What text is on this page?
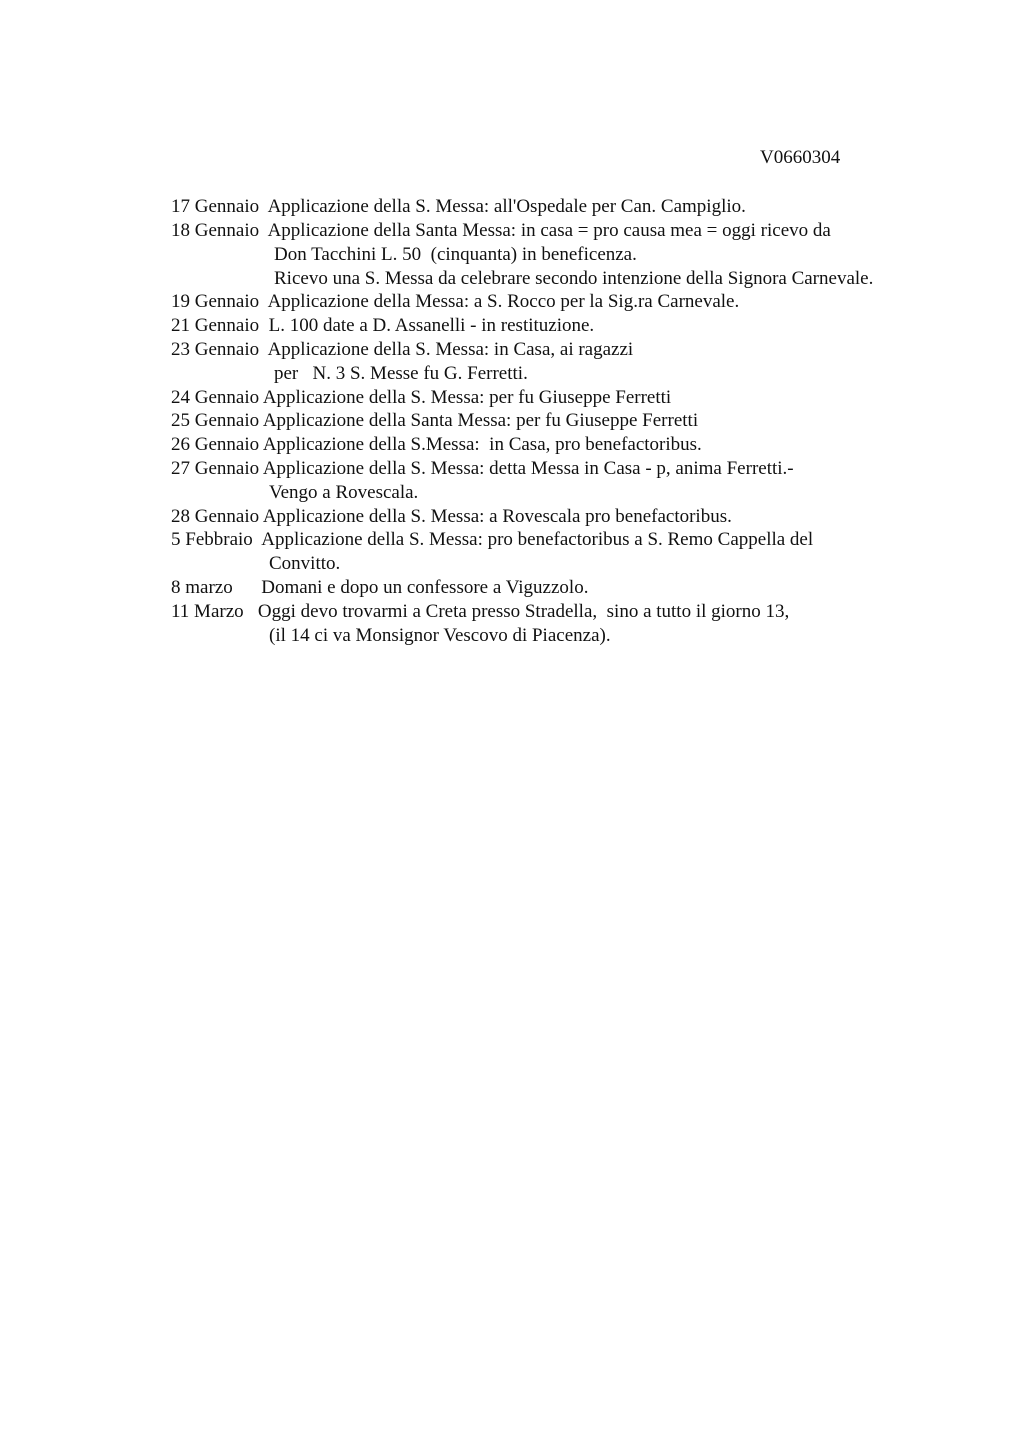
V0660304
17 Gennaio  Applicazione della S. Messa: all'Ospedale per Can. Campiglio.
18 Gennaio  Applicazione della Santa Messa: in casa = pro causa mea = oggi ricevo da
Don Tacchini L. 50  (cinquanta) in beneficenza.
Ricevo una S. Messa da celebrare secondo intenzione della Signora Carnevale.
19 Gennaio  Applicazione della Messa: a S. Rocco per la Sig.ra Carnevale.
21 Gennaio  L. 100 date a D. Assanelli - in restituzione.
23 Gennaio  Applicazione della S. Messa: in Casa, ai ragazzi
per   N. 3 S. Messe fu G. Ferretti.
24 Gennaio Applicazione della S. Messa: per fu Giuseppe Ferretti
25 Gennaio Applicazione della Santa Messa: per fu Giuseppe Ferretti
26 Gennaio Applicazione della S.Messa:  in Casa, pro benefactoribus.
27 Gennaio Applicazione della S. Messa: detta Messa in Casa - p, anima Ferretti.-
Vengo a Rovescala.
28 Gennaio Applicazione della S. Messa: a Rovescala pro benefactoribus.
5 Febbraio  Applicazione della S. Messa: pro benefactoribus a S. Remo Cappella del
Convitto.
8 marzo      Domani e dopo un confessore a Viguzzolo.
11 Marzo   Oggi devo trovarmi a Creta presso Stradella,  sino a tutto il giorno 13,
(il 14 ci va Monsignor Vescovo di Piacenza).
